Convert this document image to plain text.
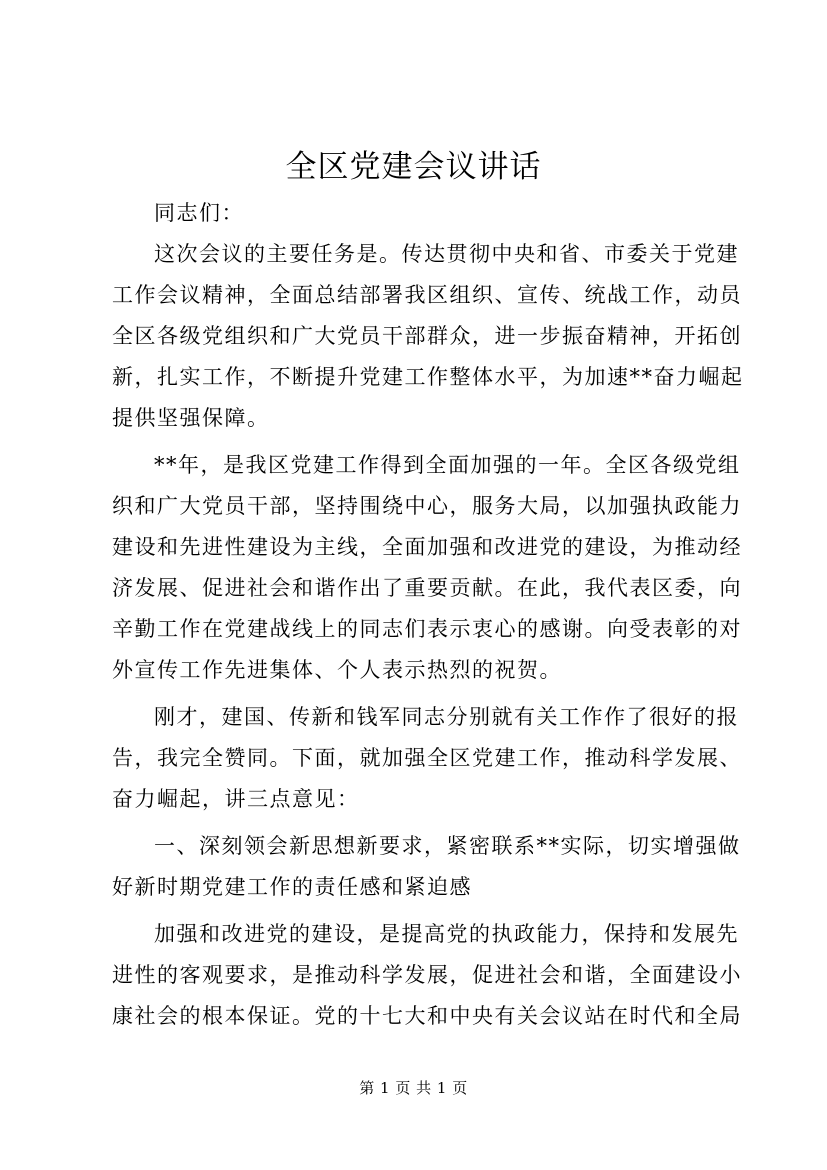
全区党建会议讲话
同志们：
这次会议的主要任务是。传达贯彻中央和省、市委关于党建
工作会议精神，全面总结部署我区组织、宣传、统战工作，动员
全区各级党组织和广大党员干部群众，进一步振奋精神，开拓创
新，扎实工作，不断提升党建工作整体水平，为加速**奋力崛起
提供坚强保障。
**年，是我区党建工作得到全面加强的一年。全区各级党组
织和广大党员干部，坚持围绕中心，服务大局，以加强执政能力
建设和先进性建设为主线，全面加强和改进党的建设，为推动经
济发展、促进社会和谐作出了重要贡献。在此，我代表区委，向
辛勤工作在党建战线上的同志们表示衷心的感谢。向受表彰的对
外宣传工作先进集体、个人表示热烈的祝贺。
刚才，建国、传新和钱军同志分别就有关工作作了很好的报
告，我完全赞同。下面，就加强全区党建工作，推动科学发展、
奋力崛起，讲三点意见：
一、深刻领会新思想新要求，紧密联系**实际，切实增强做
好新时期党建工作的责任感和紧迫感
加强和改进党的建设，是提高党的执政能力，保持和发展先
进性的客观要求，是推动科学发展，促进社会和谐，全面建设小
康社会的根本保证。党的十七大和中央有关会议站在时代和全局
第 1 页 共 1 页
